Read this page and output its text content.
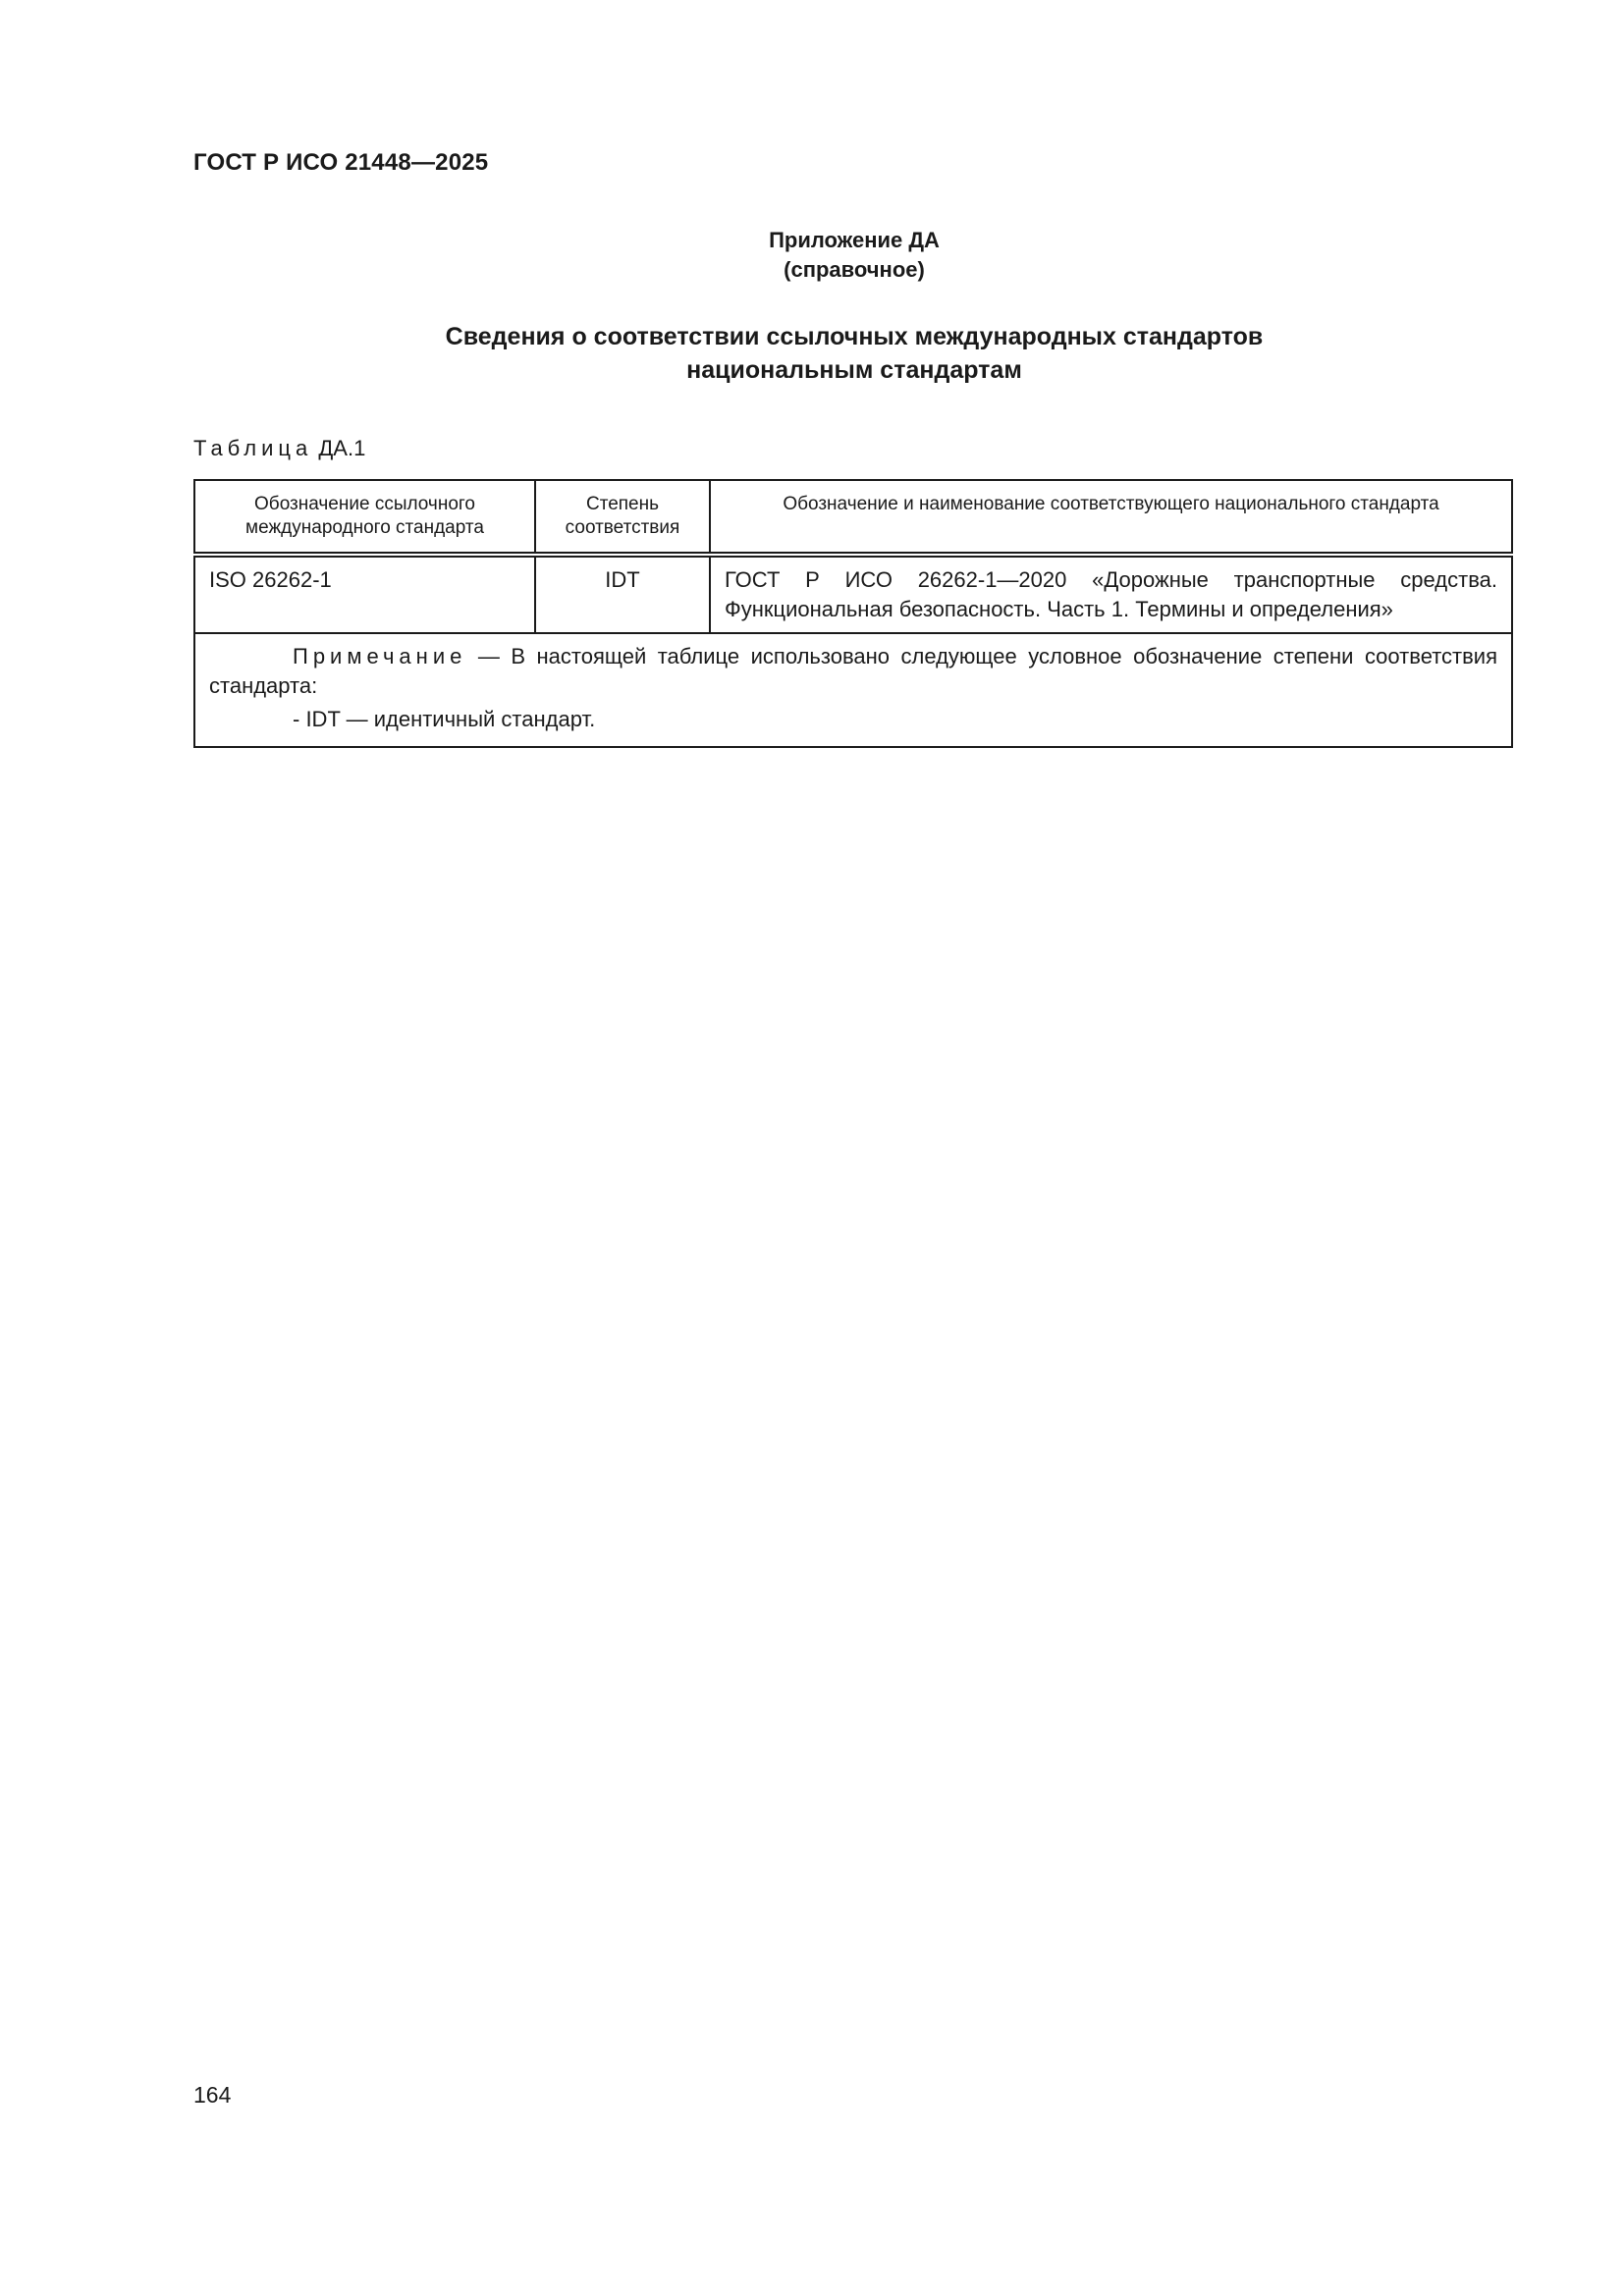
ГОСТ Р ИСО 21448—2025
Приложение ДА
(справочное)
Сведения о соответствии ссылочных международных стандартов
национальным стандартам
Таблица ДА.1
Обозначение ссылочного международного стандарта	Степень соответствия	Обозначение и наименование соответствующего национального стандарта
ISO 26262-1	IDT	ГОСТ Р ИСО 26262-1—2020 «Дорожные транспортные средства. Функциональная безопасность. Часть 1. Термины и определения»

Примечание — В настоящей таблице использовано следующее условное обозначение степени соответствия стандарта:
- IDT — идентичный стандарт.		
164
